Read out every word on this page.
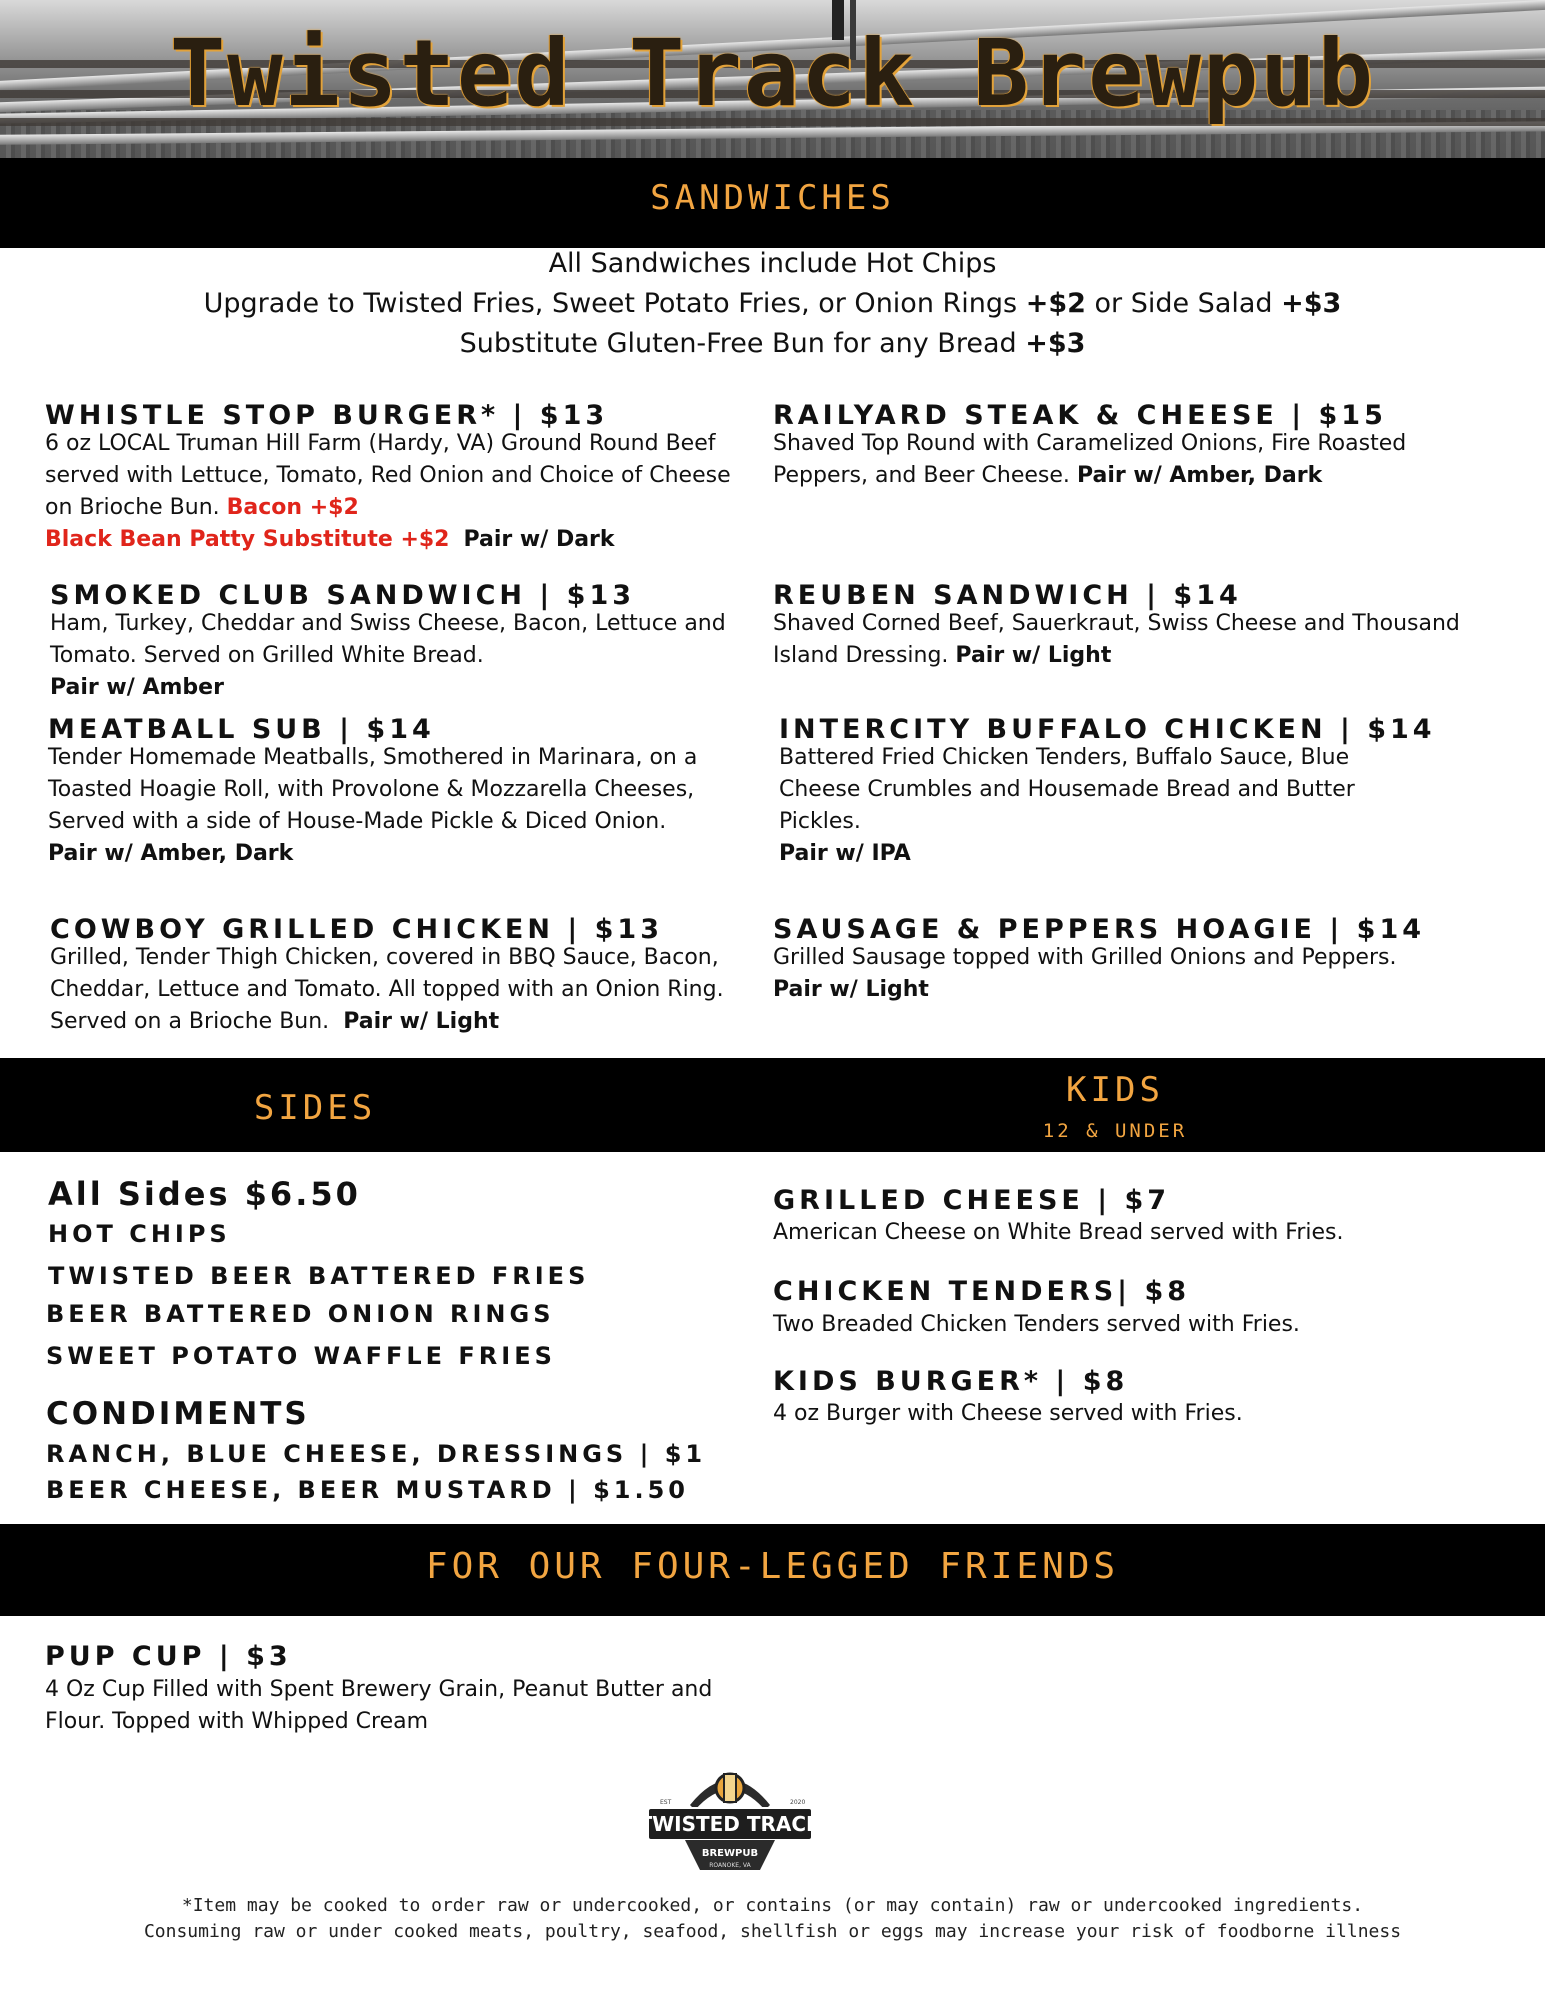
Twisted Track Brewpub
SANDWICHES
All Sandwiches include Hot Chips
Upgrade to Twisted Fries, Sweet Potato Fries, or Onion Rings +$2 or Side Salad +$3
Substitute Gluten-Free Bun for any Bread +$3
WHISTLE STOP BURGER* | $13
6 oz LOCAL Truman Hill Farm (Hardy, VA) Ground Round Beef served with Lettuce, Tomato, Red Onion and Choice of Cheese on Brioche Bun. Bacon +$2
Black Bean Patty Substitute +$2 Pair w/ Dark
RAILYARD STEAK & CHEESE | $15
Shaved Top Round with Caramelized Onions, Fire Roasted Peppers, and Beer Cheese. Pair w/ Amber, Dark
SMOKED CLUB SANDWICH | $13
Ham, Turkey, Cheddar and Swiss Cheese, Bacon, Lettuce and Tomato. Served on Grilled White Bread.
Pair w/ Amber
REUBEN SANDWICH | $14
Shaved Corned Beef, Sauerkraut, Swiss Cheese and Thousand Island Dressing. Pair w/ Light
MEATBALL SUB | $14
Tender Homemade Meatballs, Smothered in Marinara, on a Toasted Hoagie Roll, with Provolone & Mozzarella Cheeses, Served with a side of House-Made Pickle & Diced Onion.
Pair w/ Amber, Dark
INTERCITY BUFFALO CHICKEN | $14
Battered Fried Chicken Tenders, Buffalo Sauce, Blue Cheese Crumbles and Housemade Bread and Butter Pickles.
Pair w/ IPA
COWBOY GRILLED CHICKEN | $13
Grilled, Tender Thigh Chicken, covered in BBQ Sauce, Bacon, Cheddar, Lettuce and Tomato. All topped with an Onion Ring. Served on a Brioche Bun. Pair w/ Light
SAUSAGE & PEPPERS HOAGIE | $14
Grilled Sausage topped with Grilled Onions and Peppers.
Pair w/ Light
SIDES	KIDS
12 & UNDER
All Sides $6.50
HOT CHIPS
TWISTED BEER BATTERED FRIES
BEER BATTERED ONION RINGS
SWEET POTATO WAFFLE FRIES
CONDIMENTS
RANCH, BLUE CHEESE, DRESSINGS | $1
BEER CHEESE, BEER MUSTARD | $1.50
GRILLED CHEESE | $7
American Cheese on White Bread served with Fries.
CHICKEN TENDERS| $8
Two Breaded Chicken Tenders served with Fries.
KIDS BURGER* | $8
4 oz Burger with Cheese served with Fries.
FOR OUR FOUR-LEGGED FRIENDS
PUP CUP | $3
4 Oz Cup Filled with Spent Brewery Grain, Peanut Butter and Flour. Topped with Whipped Cream
TWISTED TRACK
EST	2020
BREWPUB
ROANOKE, VA
*Item may be cooked to order raw or undercooked, or contains (or may contain) raw or undercooked ingredients.
Consuming raw or under cooked meats, poultry, seafood, shellfish or eggs may increase your risk of foodborne illness
